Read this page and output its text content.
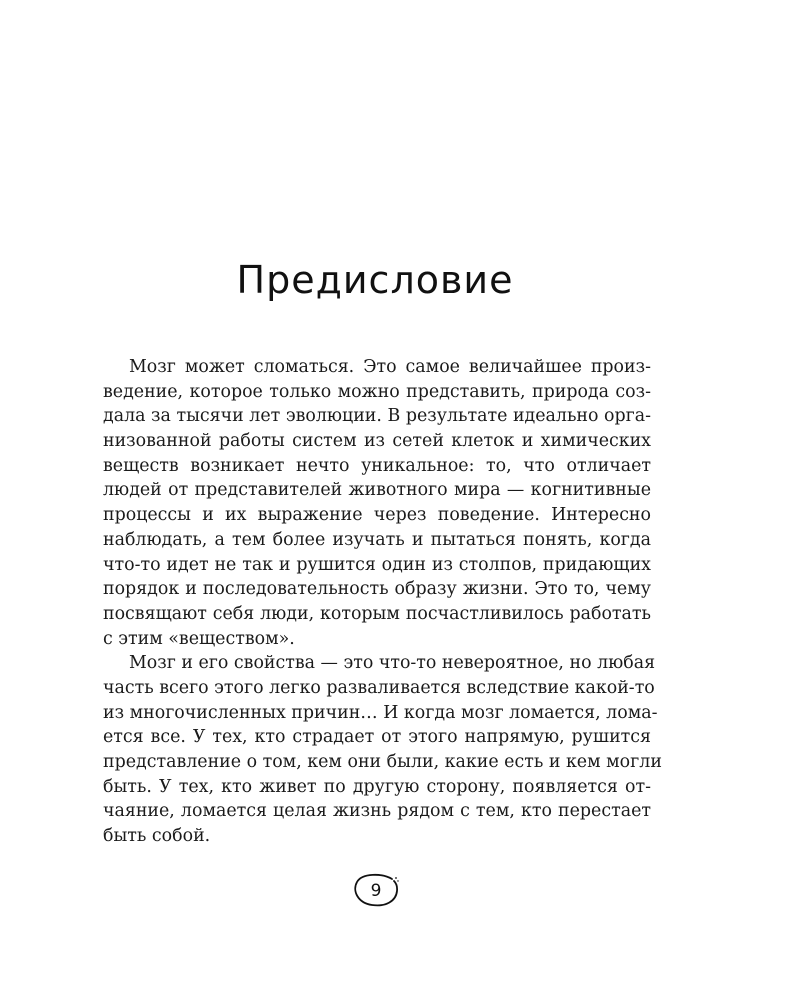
Предисловие

Мозг может сломаться. Это самое величайшее произ-
ведение, которое только можно представить, природа соз-
дала за тысячи лет эволюции. В результате идеально орга-
низованной работы систем из сетей клеток и химических
веществ возникает нечто уникальное: то, что отличает
людей от представителей животного мира — когнитивные
процессы и их выражение через поведение. Интересно
наблюдать, а тем более изучать и пытаться понять, когда
что-то идет не так и рушится один из столпов, придающих
порядок и последовательность образу жизни. Это то, чему
посвящают себя люди, которым посчастливилось работать
с этим «веществом».

Мозг и его свойства — это что-то невероятное, но любая
часть всего этого легко разваливается вследствие какой-то
из многочисленных причин… И когда мозг ломается, лома-
ется все. У тех, кто страдает от этого напрямую, рушится
представление о том, кем они были, какие есть и кем могли
быть. У тех, кто живет по другую сторону, появляется от-
чаяние, ломается целая жизнь рядом с тем, кто перестает
быть собой.

9
